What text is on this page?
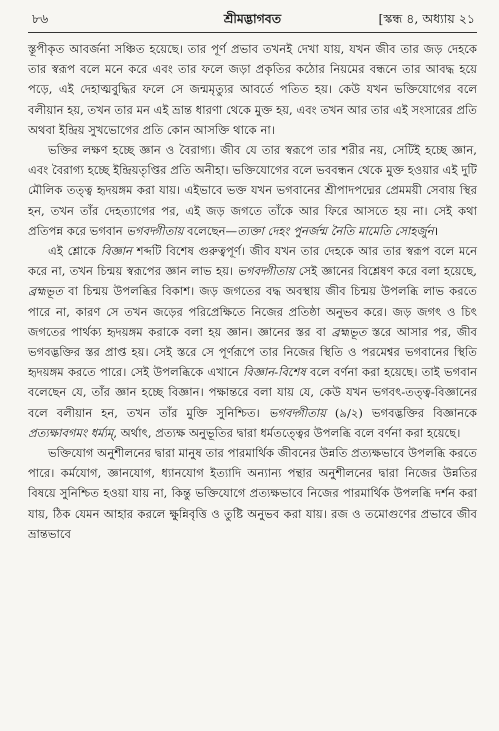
৮৬	শ্রীমদ্ভাগবত	[স্কন্ধ ৪, অধ্যায় ২১

স্তূপীকৃত আবর্জনা সঞ্চিত হয়েছে। তার পূর্ণ প্রভাব তখনই দেখা যায়, যখন জীব তার জড় দেহকে তার স্বরূপ বলে মনে করে এবং তার ফলে জড়া প্রকৃতির কঠোর নিয়মের বন্ধনে তার আবদ্ধ হয়ে পড়ে, এই দেহাত্মবুদ্ধির ফলে সে জন্মমৃত্যুর আবর্তে পতিত হয়। কেউ যখন ভক্তিযোগের বলে বলীয়ান হয়, তখন তার মন এই ভ্রান্ত ধারণা থেকে মুক্ত হয়, এবং তখন আর তার এই সংসারের প্রতি অথবা ইন্দ্রিয় সুখভোগের প্রতি কোন আসক্তি থাকে না।

ভক্তির লক্ষণ হচ্ছে জ্ঞান ও বৈরাগ্য। জীব যে তার স্বরূপে তার শরীর নয়, সেটিই হচ্ছে জ্ঞান, এবং বৈরাগ্য হচ্ছে ইন্দ্রিয়তৃপ্তির প্রতি অনীহা। ভক্তিযোগের বলে ভববন্ধন থেকে মুক্ত হওয়ার এই দুটি মৌলিক তত্ত্ব হৃদয়ঙ্গম করা যায়। এইভাবে ভক্ত যখন ভগবানের শ্রীপাদপদ্মের প্রেমময়ী সেবায় স্থির হন, তখন তাঁর দেহত্যাগের পর, এই জড় জগতে তাঁকে আর ফিরে আসতে হয় না। সেই কথা প্রতিপন্ন করে ভগবান ভগবদ্গীতায় বলেছেন—ত্যক্তা দেহং পুনর্জন্ম নৈতি মামেতি সোহর্জুন।

এই শ্লোকে বিজ্ঞান শব্দটি বিশেষ গুরুত্বপূর্ণ। জীব যখন তার দেহকে আর তার স্বরূপ বলে মনে করে না, তখন চিন্ময় স্বরূপের জ্ঞান লাভ হয়। ভগবদ্গীতায় সেই জ্ঞানের বিশ্লেষণ করে বলা হয়েছে, ব্রহ্মভূত বা চিন্ময় উপলব্ধির বিকাশ। জড় জগতের বদ্ধ অবস্থায় জীব চিন্ময় উপলব্ধি লাভ করতে পারে না, কারণ সে তখন জড়ের পরিপ্রেক্ষিতে নিজের প্রতিষ্ঠা অনুভব করে। জড় জগৎ ও চিৎ জগতের পার্থক্য হৃদয়ঙ্গম করাকে বলা হয় জ্ঞান। জ্ঞানের স্তর বা ব্রহ্মভূত স্তরে আসার পর, জীব ভগবদ্ভক্তির স্তর প্রাপ্ত হয়। সেই স্তরে সে পূর্ণরূপে তার নিজের স্থিতি ও পরমেশ্বর ভগবানের স্থিতি হৃদয়ঙ্গম করতে পারে। সেই উপলব্ধিকে এখানে বিজ্ঞান-বিশেষ বলে বর্ণনা করা হয়েছে। তাই ভগবান বলেছেন যে, তাঁর জ্ঞান হচ্ছে বিজ্ঞান। পক্ষান্তরে বলা যায় যে, কেউ যখন ভগবৎ-তত্ত্ব-বিজ্ঞানের বলে বলীয়ান হন, তখন তাঁর মুক্তি সুনিশ্চিত। ভগবদ্গীতায় (৯/২) ভগবদ্ভক্তির বিজ্ঞানকে প্রত্যক্ষাবগমং ধর্ম্যম্, অর্থাৎ, প্রত্যক্ষ অনুভূতির দ্বারা ধর্মতত্ত্বের উপলব্ধি বলে বর্ণনা করা হয়েছে।

ভক্তিযোগ অনুশীলনের দ্বারা মানুষ তার পারমার্থিক জীবনের উন্নতি প্রত্যক্ষভাবে উপলব্ধি করতে পারে। কর্মযোগ, জ্ঞানযোগ, ধ্যানযোগ ইত্যাদি অন্যান্য পন্থার অনুশীলনের দ্বারা নিজের উন্নতির বিষয়ে সুনিশ্চিত হওয়া যায় না, কিন্তু ভক্তিযোগে প্রত্যক্ষভাবে নিজের পারমার্থিক উপলব্ধি দর্শন করা যায়, ঠিক যেমন আহার করলে ক্ষুন্নিবৃত্তি ও তুষ্টি অনুভব করা যায়। রজ ও তমোগুণের প্রভাবে জীব ভ্রান্তভাবে
